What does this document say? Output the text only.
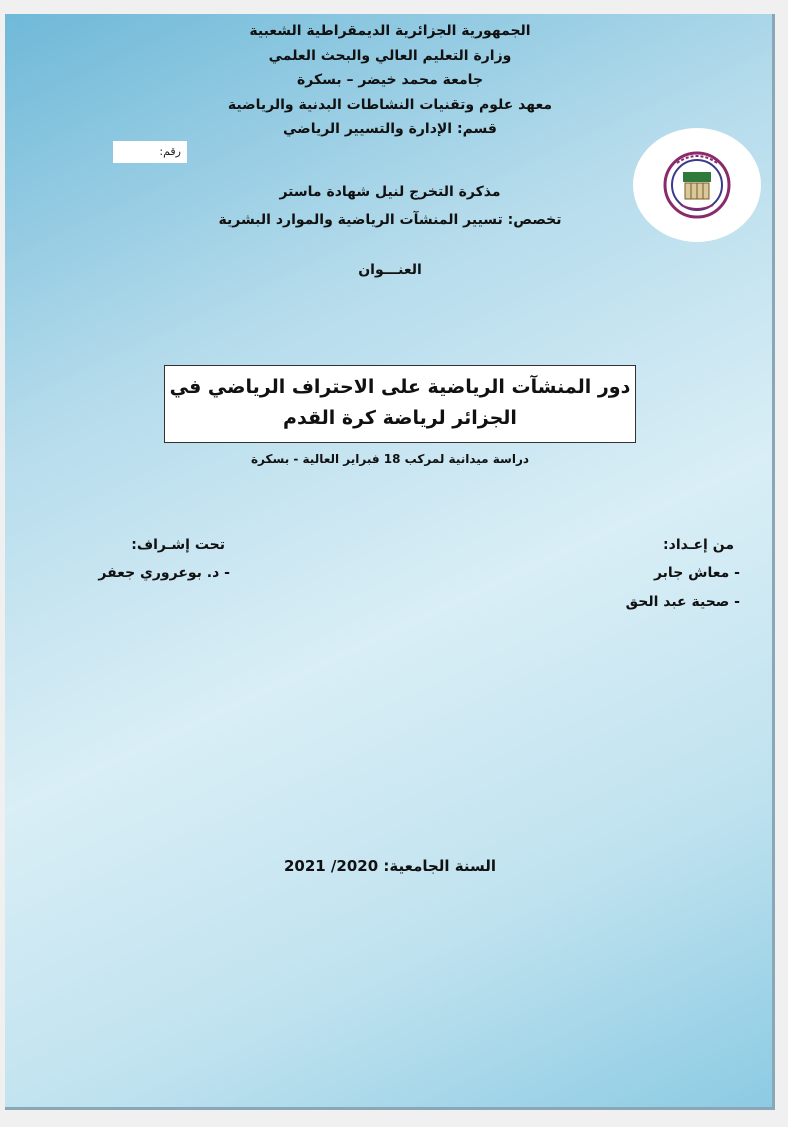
الجمهورية الجزائرية الديمقراطية الشعبية
وزارة التعليم العالي والبحث العلمي
جامعة محمد خيضر – بسكرة
معهد علوم وتقنيات النشاطات البدنية والرياضية
قسم: الإدارة والتسيير الرياضي
رقم:
مذكرة التخرج لنيل شهادة ماستر
تخصص: تسيير المنشآت الرياضية والموارد البشرية
العنـــوان
دور المنشآت الرياضية على الاحتراف الرياضي في
الجزائر لرياضة كرة القدم
دراسة ميدانية لمركب 18 فبراير العالية - بسكرة
من إعـداد:
- معاش جابر
- صحية عبد الحق
تحت إشـراف:
- د. بوعروري جعفر
السنة الجامعية: 2020/ 2021
